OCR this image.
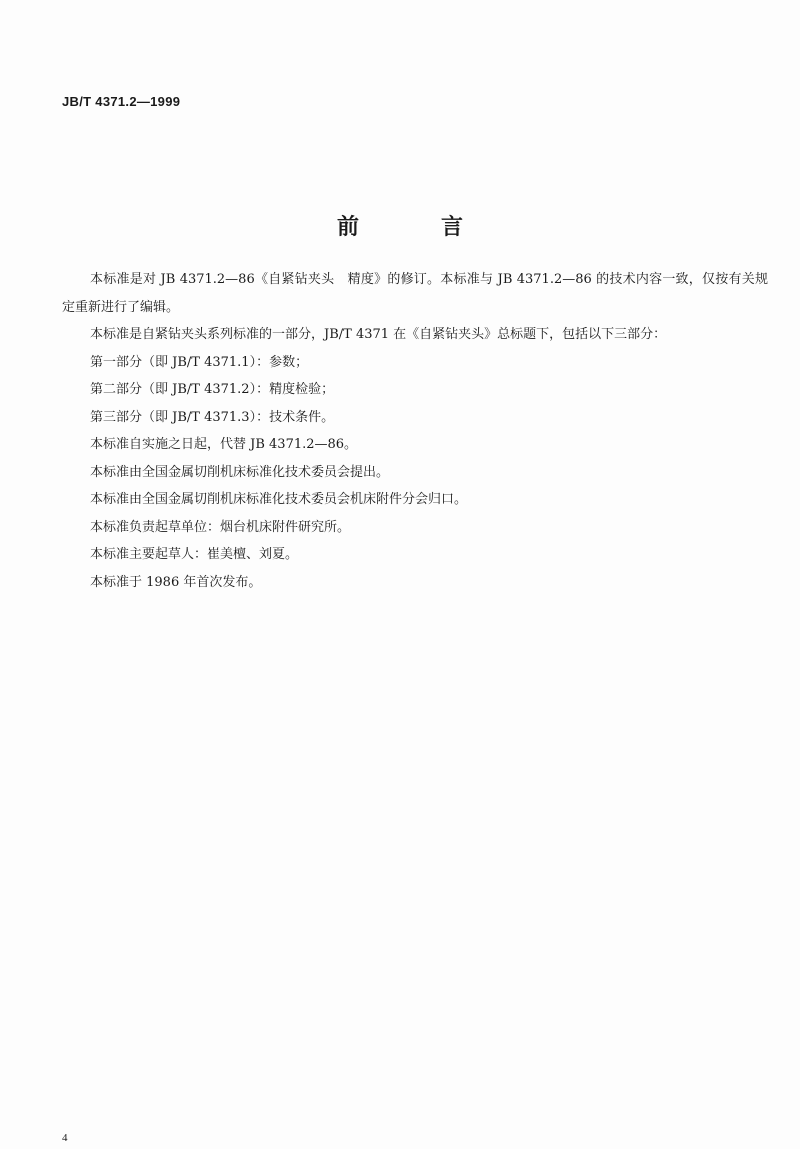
JB/T 4371.2—1999
前　言

本标准是对 JB 4371.2—86《自紧钻夹头　精度》的修订。本标准与 JB 4371.2—86 的技术内容一致，仅按有关规定重新进行了编辑。

本标准是自紧钻夹头系列标准的一部分，JB/T 4371 在《自紧钻夹头》总标题下，包括以下三部分：

第一部分（即 JB/T 4371.1）：参数；

第二部分（即 JB/T 4371.2）：精度检验；

第三部分（即 JB/T 4371.3）：技术条件。

本标准自实施之日起，代替 JB 4371.2—86。

本标准由全国金属切削机床标准化技术委员会提出。

本标准由全国金属切削机床标准化技术委员会机床附件分会归口。

本标准负责起草单位：烟台机床附件研究所。

本标准主要起草人：崔美檀、刘夏。

本标准于 1986 年首次发布。

4
